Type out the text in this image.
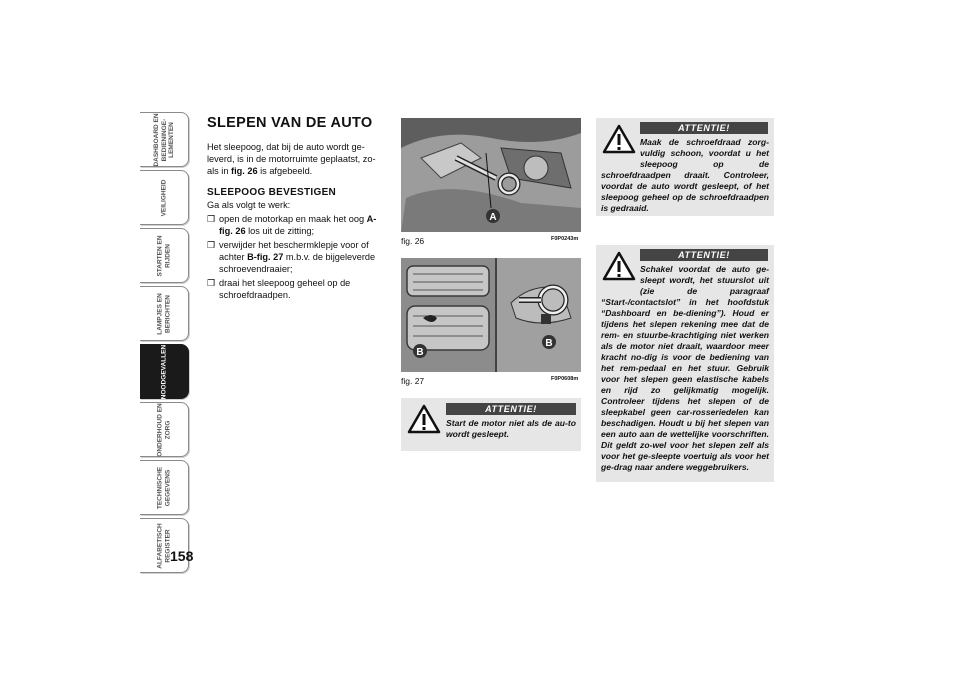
DASHBOARD EN
BEDIENINGE-
LEMENTEN
VEILIGHEID
STARTEN EN
RIJDEN
LAMPJES EN
BERICHTEN
NOODGEVALLEN
ONDERHOUD EN
ZORG
TECHNISCHE
GEGEVENS
ALFABETISCH
REGISTER 158
SLEPEN VAN DE AUTO

Het sleepoog, dat bij de auto wordt ge-leverd, is in de motorruimte geplaatst, zo-als in fig. 26 is afgebeeld.

SLEEPOOG BEVESTIGEN

Ga als volgt te werk:

❒ open de motorkap en maak het oog A-fig. 26 los uit de zitting;
❒ verwijder het beschermklepje voor of achter B-fig. 27 m.b.v. de bijgeleverde schroevendraaier;
❒ draai het sleepoog geheel op de schroefdraadpen.
A
fig. 26	F0P0243m
B
B
fig. 27	F0P0608m
ATTENTIE!
Start de motor niet als de au-to wordt gesleept.
ATTENTIE!
Maak de schroefdraad zorg-vuldig schoon, voordat u het sleepoog op de schroefdraadpen draait. Controleer, voordat de auto wordt gesleept, of het sleepoog geheel op de schroefdraadpen is gedraaid.
ATTENTIE!
Schakel voordat de auto ge-sleept wordt, het stuurslot uit (zie de paragraaf “Start-/contactslot” in het hoofdstuk “Dashboard en be-diening”). Houd er tijdens het slepen rekening mee dat de rem- en stuurbe-krachtiging niet werken als de motor niet draait, waardoor meer kracht no-dig is voor de bediening van het rem-pedaal en het stuur. Gebruik voor het slepen geen elastische kabels en rijd zo gelijkmatig mogelijk. Controleer tijdens het slepen of de sleepkabel geen car-rosseriedelen kan beschadigen. Houdt u bij het slepen van een auto aan de wettelijke voorschriften. Dit geldt zo-wel voor het slepen zelf als voor het ge-sleepte voertuig als voor het ge-drag naar andere weggebruikers.
